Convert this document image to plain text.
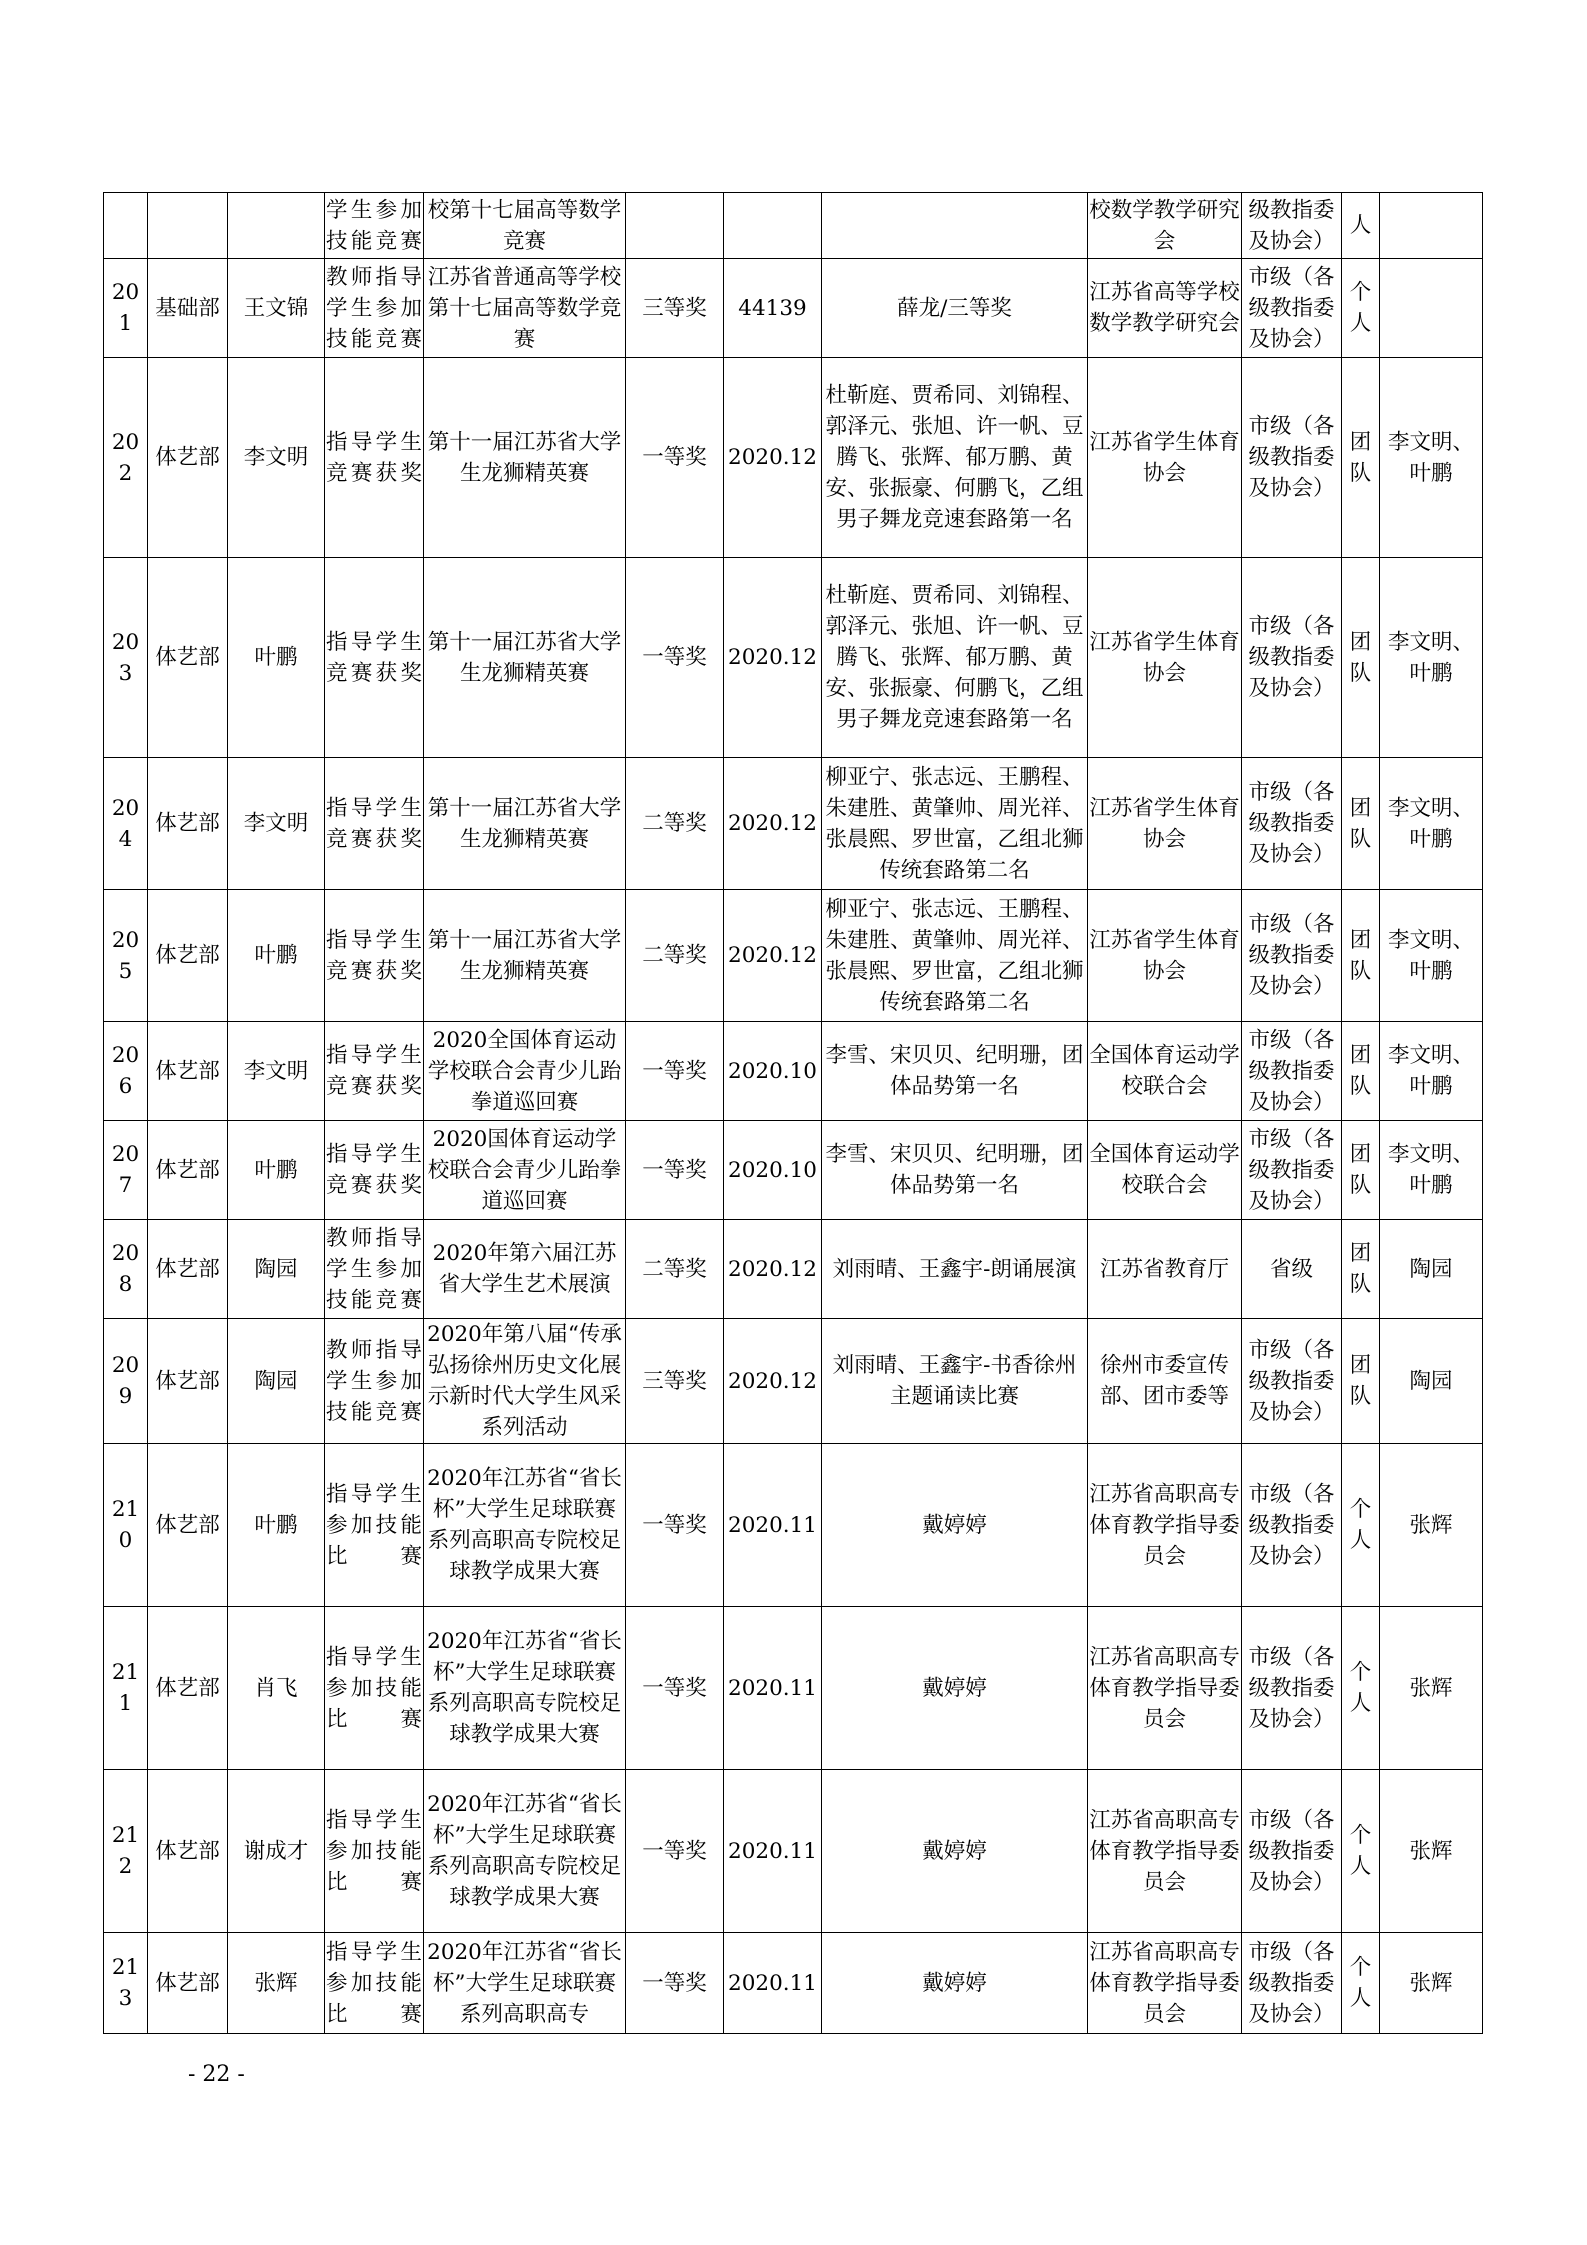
			学生参加技能竞赛	校第十七届高等数学竞赛				校数学教学研究会	级教指委及协会）	人	
201	基础部	王文锦	教师指导学生参加技能竞赛	江苏省普通高等学校第十七届高等数学竞赛	三等奖	44139	薛龙/三等奖	江苏省高等学校数学教学研究会	市级（各级教指委及协会）	个人	
202	体艺部	李文明	指导学生竞赛获奖	第十一届江苏省大学生龙狮精英赛	一等奖	2020.12	杜靳庭、贾希同、刘锦程、郭泽元、张旭、许一帆、豆腾飞、张辉、郁万鹏、黄安、张振豪、何鹏飞，乙组男子舞龙竞速套路第一名	江苏省学生体育协会	市级（各级教指委及协会）	团队	李文明、叶鹏
203	体艺部	叶鹏	指导学生竞赛获奖	第十一届江苏省大学生龙狮精英赛	一等奖	2020.12	杜靳庭、贾希同、刘锦程、郭泽元、张旭、许一帆、豆腾飞、张辉、郁万鹏、黄安、张振豪、何鹏飞，乙组男子舞龙竞速套路第一名	江苏省学生体育协会	市级（各级教指委及协会）	团队	李文明、叶鹏
204	体艺部	李文明	指导学生竞赛获奖	第十一届江苏省大学生龙狮精英赛	二等奖	2020.12	柳亚宁、张志远、王鹏程、朱建胜、黄肇帅、周光祥、张晨熙、罗世富，乙组北狮传统套路第二名	江苏省学生体育协会	市级（各级教指委及协会）	团队	李文明、叶鹏
205	体艺部	叶鹏	指导学生竞赛获奖	第十一届江苏省大学生龙狮精英赛	二等奖	2020.12	柳亚宁、张志远、王鹏程、朱建胜、黄肇帅、周光祥、张晨熙、罗世富，乙组北狮传统套路第二名	江苏省学生体育协会	市级（各级教指委及协会）	团队	李文明、叶鹏
206	体艺部	李文明	指导学生竞赛获奖	2020全国体育运动学校联合会青少儿跆拳道巡回赛	一等奖	2020.10	李雪、宋贝贝、纪明珊，团体品势第一名	全国体育运动学校联合会	市级（各级教指委及协会）	团队	李文明、叶鹏
207	体艺部	叶鹏	指导学生竞赛获奖	2020国体育运动学校联合会青少儿跆拳道巡回赛	一等奖	2020.10	李雪、宋贝贝、纪明珊，团体品势第一名	全国体育运动学校联合会	市级（各级教指委及协会）	团队	李文明、叶鹏
208	体艺部	陶园	教师指导学生参加技能竞赛	2020年第六届江苏省大学生艺术展演	二等奖	2020.12	刘雨晴、王鑫宇-朗诵展演	江苏省教育厅	省级	团队	陶园
209	体艺部	陶园	教师指导学生参加技能竞赛	2020年第八届“传承弘扬徐州历史文化展示新时代大学生风采系列活动	三等奖	2020.12	刘雨晴、王鑫宇-书香徐州主题诵读比赛	徐州市委宣传部、团市委等	市级（各级教指委及协会）	团队	陶园
210	体艺部	叶鹏	指导学生参加技能比赛	2020年江苏省“省长杯”大学生足球联赛系列高职高专院校足球教学成果大赛	一等奖	2020.11	戴婷婷	江苏省高职高专体育教学指导委员会	市级（各级教指委及协会）	个人	张辉
211	体艺部	肖飞	指导学生参加技能比赛	2020年江苏省“省长杯”大学生足球联赛系列高职高专院校足球教学成果大赛	一等奖	2020.11	戴婷婷	江苏省高职高专体育教学指导委员会	市级（各级教指委及协会）	个人	张辉
212	体艺部	谢成才	指导学生参加技能比赛	2020年江苏省“省长杯”大学生足球联赛系列高职高专院校足球教学成果大赛	一等奖	2020.11	戴婷婷	江苏省高职高专体育教学指导委员会	市级（各级教指委及协会）	个人	张辉
213	体艺部	张辉	指导学生参加技能比赛	2020年江苏省“省长杯”大学生足球联赛系列高职高专	一等奖	2020.11	戴婷婷	江苏省高职高专体育教学指导委员会	市级（各级教指委及协会）	个人	张辉
- 22 -
